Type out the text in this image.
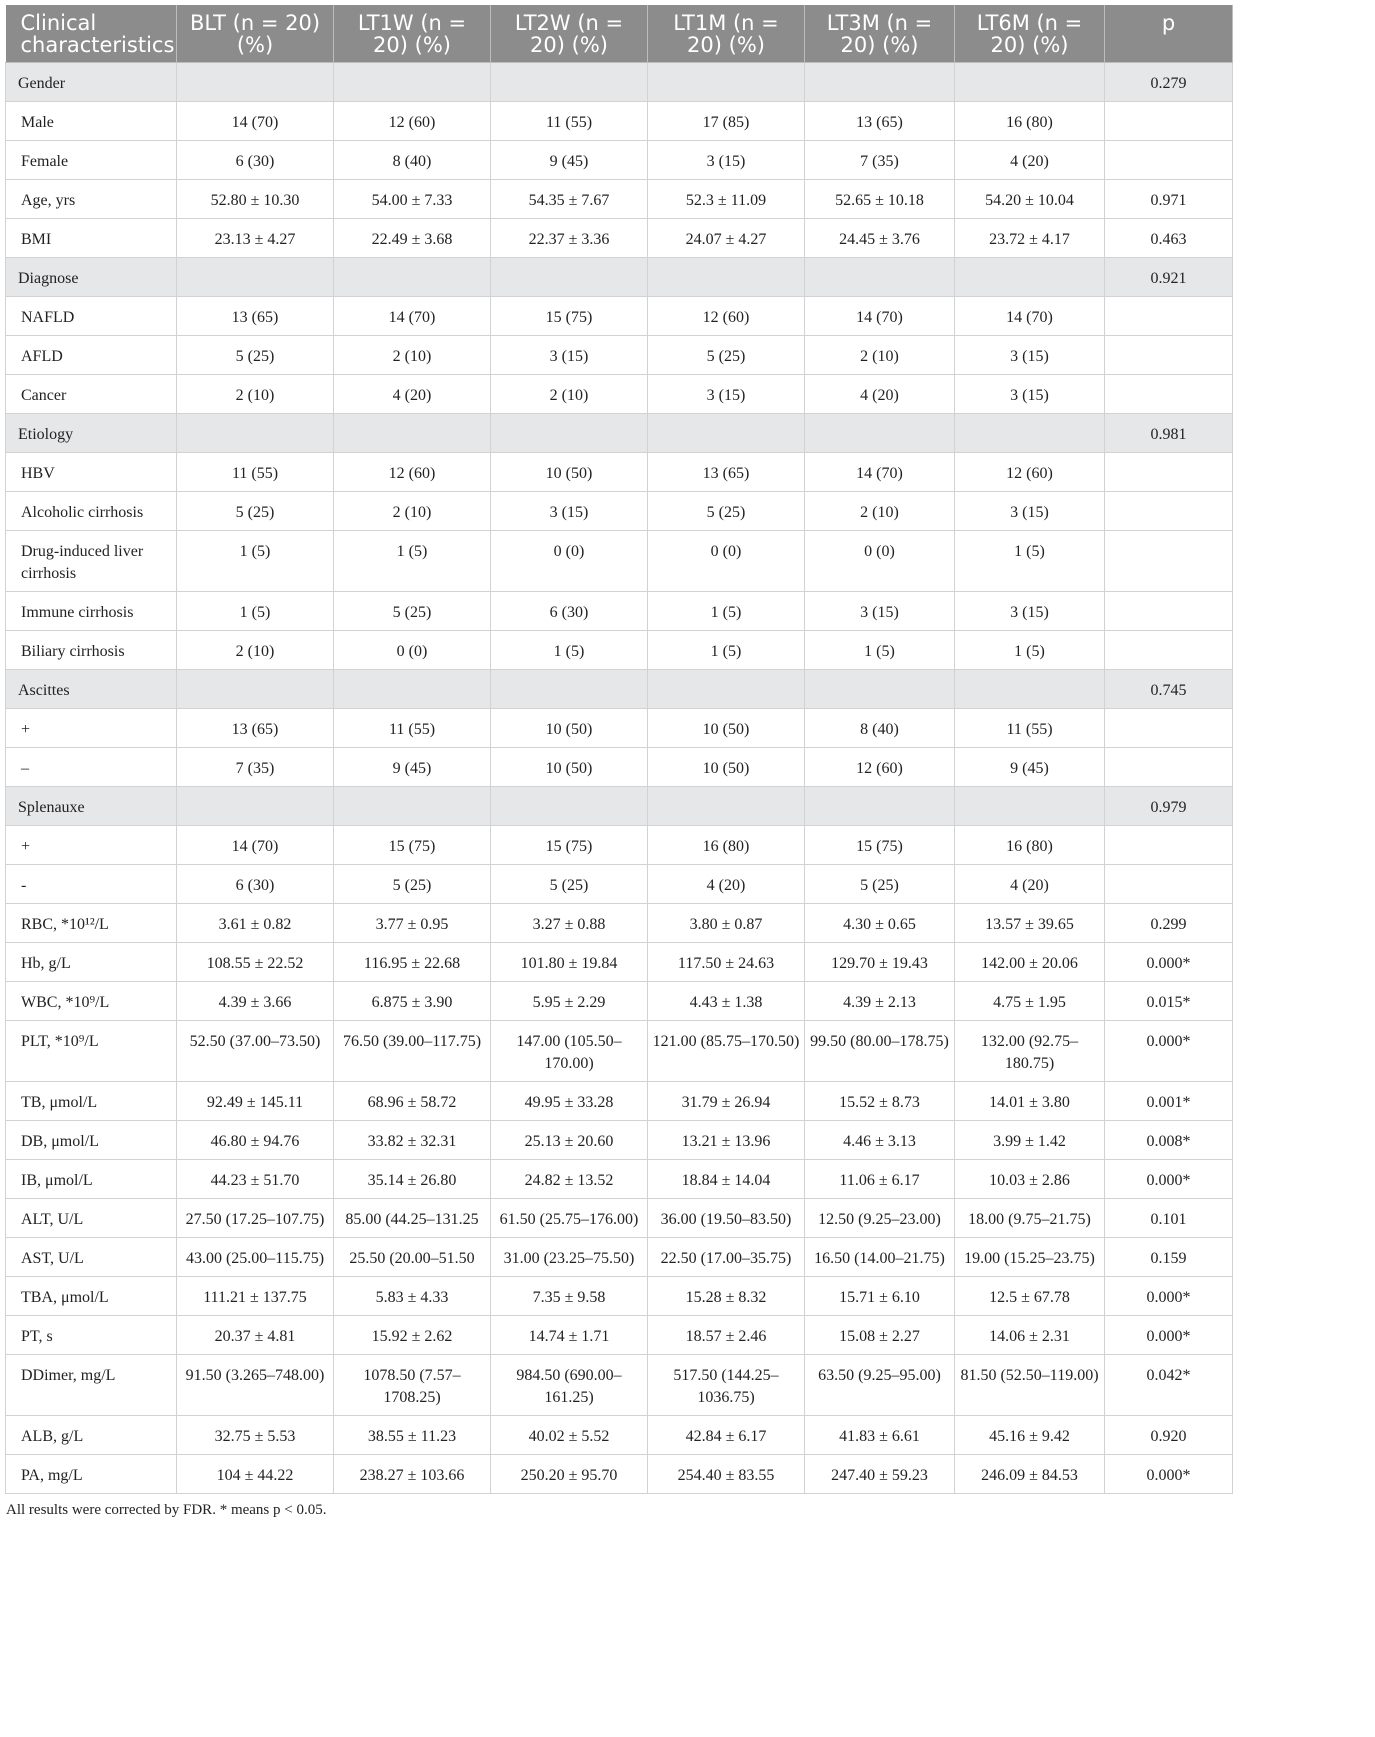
Clinical characteristics	BLT (n = 20) (%)	LT1W (n = 20) (%)	LT2W (n = 20) (%)	LT1M (n = 20) (%)	LT3M (n = 20) (%)	LT6M (n = 20) (%)	p
Gender							0.279
Male	14 (70)	12 (60)	11 (55)	17 (85)	13 (65)	16 (80)	
Female	6 (30)	8 (40)	9 (45)	3 (15)	7 (35)	4 (20)	
Age, yrs	52.80 ± 10.30	54.00 ± 7.33	54.35 ± 7.67	52.3 ± 11.09	52.65 ± 10.18	54.20 ± 10.04	0.971
BMI	23.13 ± 4.27	22.49 ± 3.68	22.37 ± 3.36	24.07 ± 4.27	24.45 ± 3.76	23.72 ± 4.17	0.463
Diagnose							0.921
NAFLD	13 (65)	14 (70)	15 (75)	12 (60)	14 (70)	14 (70)	
AFLD	5 (25)	2 (10)	3 (15)	5 (25)	2 (10)	3 (15)	
Cancer	2 (10)	4 (20)	2 (10)	3 (15)	4 (20)	3 (15)	
Etiology							0.981
HBV	11 (55)	12 (60)	10 (50)	13 (65)	14 (70)	12 (60)	
Alcoholic cirrhosis	5 (25)	2 (10)	3 (15)	5 (25)	2 (10)	3 (15)	
Drug-induced liver cirrhosis	1 (5)	1 (5)	0 (0)	0 (0)	0 (0)	1 (5)	
Immune cirrhosis	1 (5)	5 (25)	6 (30)	1 (5)	3 (15)	3 (15)	
Biliary cirrhosis	2 (10)	0 (0)	1 (5)	1 (5)	1 (5)	1 (5)	
Ascittes							0.745
+	13 (65)	11 (55)	10 (50)	10 (50)	8 (40)	11 (55)	
–	7 (35)	9 (45)	10 (50)	10 (50)	12 (60)	9 (45)	
Splenauxe							0.979
+	14 (70)	15 (75)	15 (75)	16 (80)	15 (75)	16 (80)	
-	6 (30)	5 (25)	5 (25)	4 (20)	5 (25)	4 (20)	
RBC, *10¹²/L	3.61 ± 0.82	3.77 ± 0.95	3.27 ± 0.88	3.80 ± 0.87	4.30 ± 0.65	13.57 ± 39.65	0.299
Hb, g/L	108.55 ± 22.52	116.95 ± 22.68	101.80 ± 19.84	117.50 ± 24.63	129.70 ± 19.43	142.00 ± 20.06	0.000*
WBC, *10⁹/L	4.39 ± 3.66	6.875 ± 3.90	5.95 ± 2.29	4.43 ± 1.38	4.39 ± 2.13	4.75 ± 1.95	0.015*
PLT, *10⁹/L	52.50 (37.00–73.50)	76.50 (39.00–117.75)	147.00 (105.50–170.00)	121.00 (85.75–170.50)	99.50 (80.00–178.75)	132.00 (92.75–180.75)	0.000*
TB, μmol/L	92.49 ± 145.11	68.96 ± 58.72	49.95 ± 33.28	31.79 ± 26.94	15.52 ± 8.73	14.01 ± 3.80	0.001*
DB, μmol/L	46.80 ± 94.76	33.82 ± 32.31	25.13 ± 20.60	13.21 ± 13.96	4.46 ± 3.13	3.99 ± 1.42	0.008*
IB, μmol/L	44.23 ± 51.70	35.14 ± 26.80	24.82 ± 13.52	18.84 ± 14.04	11.06 ± 6.17	10.03 ± 2.86	0.000*
ALT, U/L	27.50 (17.25–107.75)	85.00 (44.25–131.25	61.50 (25.75–176.00)	36.00 (19.50–83.50)	12.50 (9.25–23.00)	18.00 (9.75–21.75)	0.101
AST, U/L	43.00 (25.00–115.75)	25.50 (20.00–51.50	31.00 (23.25–75.50)	22.50 (17.00–35.75)	16.50 (14.00–21.75)	19.00 (15.25–23.75)	0.159
TBA, μmol/L	111.21 ± 137.75	5.83 ± 4.33	7.35 ± 9.58	15.28 ± 8.32	15.71 ± 6.10	12.5 ± 67.78	0.000*
PT, s	20.37 ± 4.81	15.92 ± 2.62	14.74 ± 1.71	18.57 ± 2.46	15.08 ± 2.27	14.06 ± 2.31	0.000*
DDimer, mg/L	91.50 (3.265–748.00)	1078.50 (7.57–1708.25)	984.50 (690.00–161.25)	517.50 (144.25–1036.75)	63.50 (9.25–95.00)	81.50 (52.50–119.00)	0.042*
ALB, g/L	32.75 ± 5.53	38.55 ± 11.23	40.02 ± 5.52	42.84 ± 6.17	41.83 ± 6.61	45.16 ± 9.42	0.920
PA, mg/L	104 ± 44.22	238.27 ± 103.66	250.20 ± 95.70	254.40 ± 83.55	247.40 ± 59.23	246.09 ± 84.53	0.000*
All results were corrected by FDR. * means p < 0.05.
